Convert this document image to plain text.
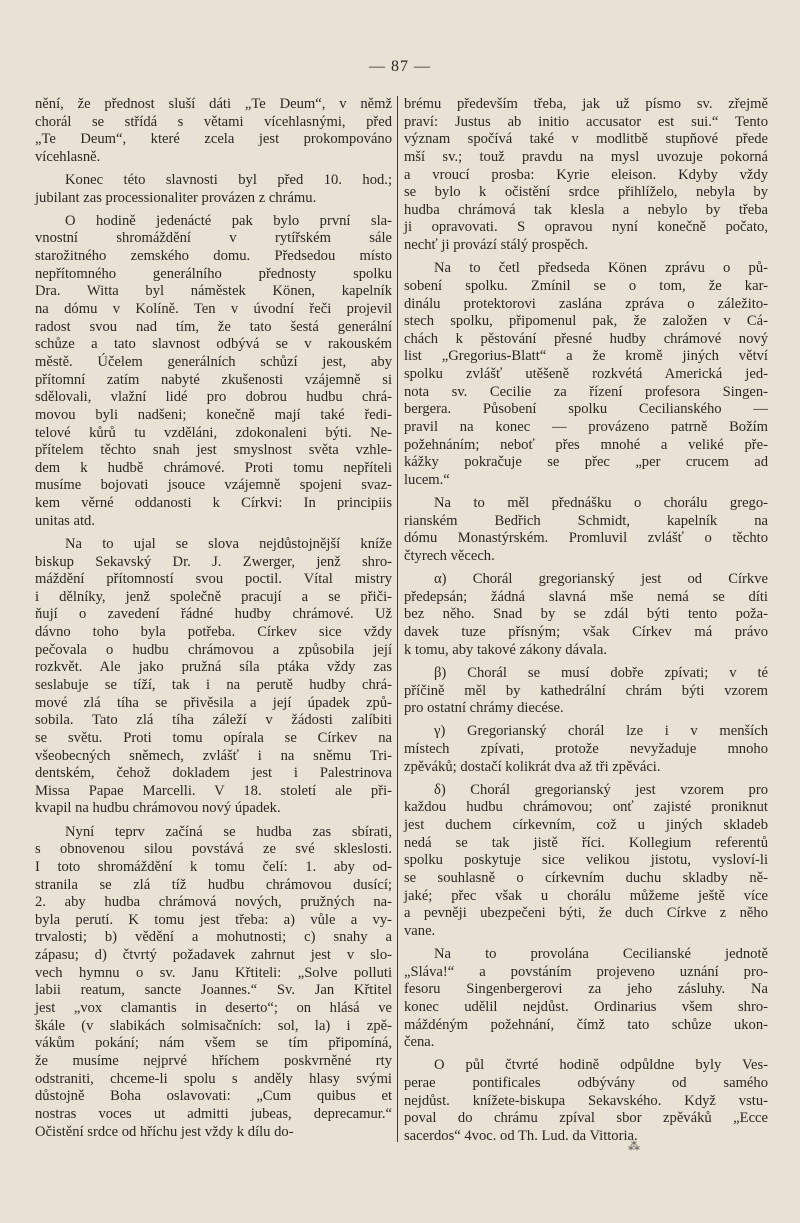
— 87 —
nění, že přednost sluší dáti „Te Deum“, v němž
chorál se střídá s větami vícehlasnými, před
„Te Deum“, které zcela jest prokompováno
vícehlasně.
Konec této slavnosti byl před 10. hod.;
jubilant zas processionaliter provázen z chrámu.
O hodině jedenácté pak bylo první sla-
vnostní shromáždění v rytířském sále
starožitného zemského domu. Předsedou místo
nepřítomného generálního přednosty spolku
Dra. Witta byl náměstek Könen, kapelník
na dómu v Kolíně. Ten v úvodní řeči projevil
radost svou nad tím, že tato šestá generální
schůze a tato slavnost odbývá se v rakouském
městě. Účelem generálních schůzí jest, aby
přítomní zatím nabyté zkušenosti vzájemně si
sdělovali, vlažní lidé pro dobrou hudbu chrá-
movou byli nadšeni; konečně mají také ředi-
telové kůrů tu vzděláni, zdokonaleni býti. Ne-
přítelem těchto snah jest smyslnost světa vzhle-
dem k hudbě chrámové. Proti tomu nepříteli
musíme bojovati jsouce vzájemně spojeni svaz-
kem věrné oddanosti k Církvi: In principiis
unitas atd.
Na to ujal se slova nejdůstojnější kníže
biskup Sekavský Dr. J. Zwerger, jenž shro-
máždění přítomností svou poctil. Vítal mistry
i dělníky, jenž společně pracují a se přiči-
ňují o zavedení řádné hudby chrámové. Už
dávno toho byla potřeba. Církev sice vždy
pečovala o hudbu chrámovou a způsobila její
rozkvět. Ale jako pružná síla ptáka vždy zas
seslabuje se tíží, tak i na perutě hudby chrá-
mové zlá tíha se přivěsila a její úpadek způ-
sobila. Tato zlá tíha záleží v žádosti zalíbiti
se světu. Proti tomu opírala se Církev na
všeobecných sněmech, zvlášť i na sněmu Tri-
dentském, čehož dokladem jest i Palestrinova
Missa Papae Marcelli. V 18. století ale při-
kvapil na hudbu chrámovou nový úpadek.
Nyní teprv začíná se hudba zas sbírati,
s obnovenou silou povstává ze své skleslosti.
I toto shromáždění k tomu čelí: 1. aby od-
stranila se zlá tíž hudbu chrámovou dusící;
2. aby hudba chrámová nových, pružných na-
byla perutí. K tomu jest třeba: a) vůle a vy-
trvalosti; b) vědění a mohutnosti; c) snahy a
zápasu; d) čtvrtý požadavek zahrnut jest v slo-
vech hymnu o sv. Janu Křtiteli: „Solve polluti
labii reatum, sancte Joannes.“ Sv. Jan Křtitel
jest „vox clamantis in deserto“; on hlásá ve
škále (v slabikách solmisačních: sol, la) i zpě-
vákům pokání; nám všem se tím připomíná,
že musíme nejprvé hříchem poskvrněné rty
odstraniti, chceme-li spolu s anděly hlasy svými
důstojně Boha oslavovati: „Cum quibus et
nostras voces ut admitti jubeas, deprecamur.“
Očistění srdce od hříchu jest vždy k dílu do-
brému především třeba, jak už písmo sv. zřejmě
praví: Justus ab initio accusator est sui.“ Tento
význam spočívá také v modlitbě stupňové přede
mší sv.; touž pravdu na mysl uvozuje pokorná
a vroucí prosba: Kyrie eleison. Kdyby vždy
se bylo k očistění srdce přihlíželo, nebyla by
hudba chrámová tak klesla a nebylo by třeba
ji opravovati. S opravou nyní konečně počato,
nechť ji provází stálý prospěch.
Na to četl předseda Könen zprávu o pů-
sobení spolku. Zmínil se o tom, že kar-
dinálu protektorovi zaslána zpráva o záležito-
stech spolku, připomenul pak, že založen v Cá-
chách k pěstování přesné hudby chrámové nový
list „Gregorius-Blatt“ a že kromě jiných větví
spolku zvlášť utěšeně rozkvétá Americká jed-
nota sv. Cecilie za řízení profesora Singen-
bergera. Působení spolku Cecilianského —
pravil na konec — provázeno patrně Božím
požehnáním; neboť přes mnohé a veliké pře-
kážky pokračuje se přec „per crucem ad
lucem.“
Na to měl přednášku o chorálu grego-
rianském Bedřich Schmidt, kapelník na
dómu Monastýrském. Promluvil zvlášť o těchto
čtyrech věcech.
α) Chorál gregorianský jest od Církve
předepsán; žádná slavná mše nemá se díti
bez něho. Snad by se zdál býti tento poža-
davek tuze přísným; však Církev má právo
k tomu, aby takové zákony dávala.
β) Chorál se musí dobře zpívati; v té
příčině měl by kathedrální chrám býti vzorem
pro ostatní chrámy diecése.
γ) Gregorianský chorál lze i v menších
místech zpívati, protože nevyžaduje mnoho
zpěváků; dostačí kolikrát dva až tři zpěváci.
δ) Chorál gregorianský jest vzorem pro
každou hudbu chrámovou; onť zajisté proniknut
jest duchem církevním, což u jiných skladeb
nedá se tak jistě říci. Kollegium referentů
spolku poskytuje sice velikou jistotu, vysloví-li
se souhlasně o církevním duchu skladby ně-
jaké; přec však u chorálu můžeme ještě více
a pevněji ubezpečeni býti, že duch Církve z něho
vane.
Na to provolána Cecilianské jednotě
„Sláva!“ a povstáním projeveno uznání pro-
fesoru Singenbergerovi za jeho zásluhy. Na
konec udělil nejdůst. Ordinarius všem shro-
máždéným požehnání, čímž tato schůze ukon-
čena.
O půl čtvrté hodině odpůldne byly Ves-
perae pontificales odbývány od samého
nejdůst. knížete-biskupa Sekavského. Když vstu-
poval do chrámu zpíval sbor zpěváků „Ecce
sacerdos“ 4voc. od Th. Lud. da Vittoria.
⁂
